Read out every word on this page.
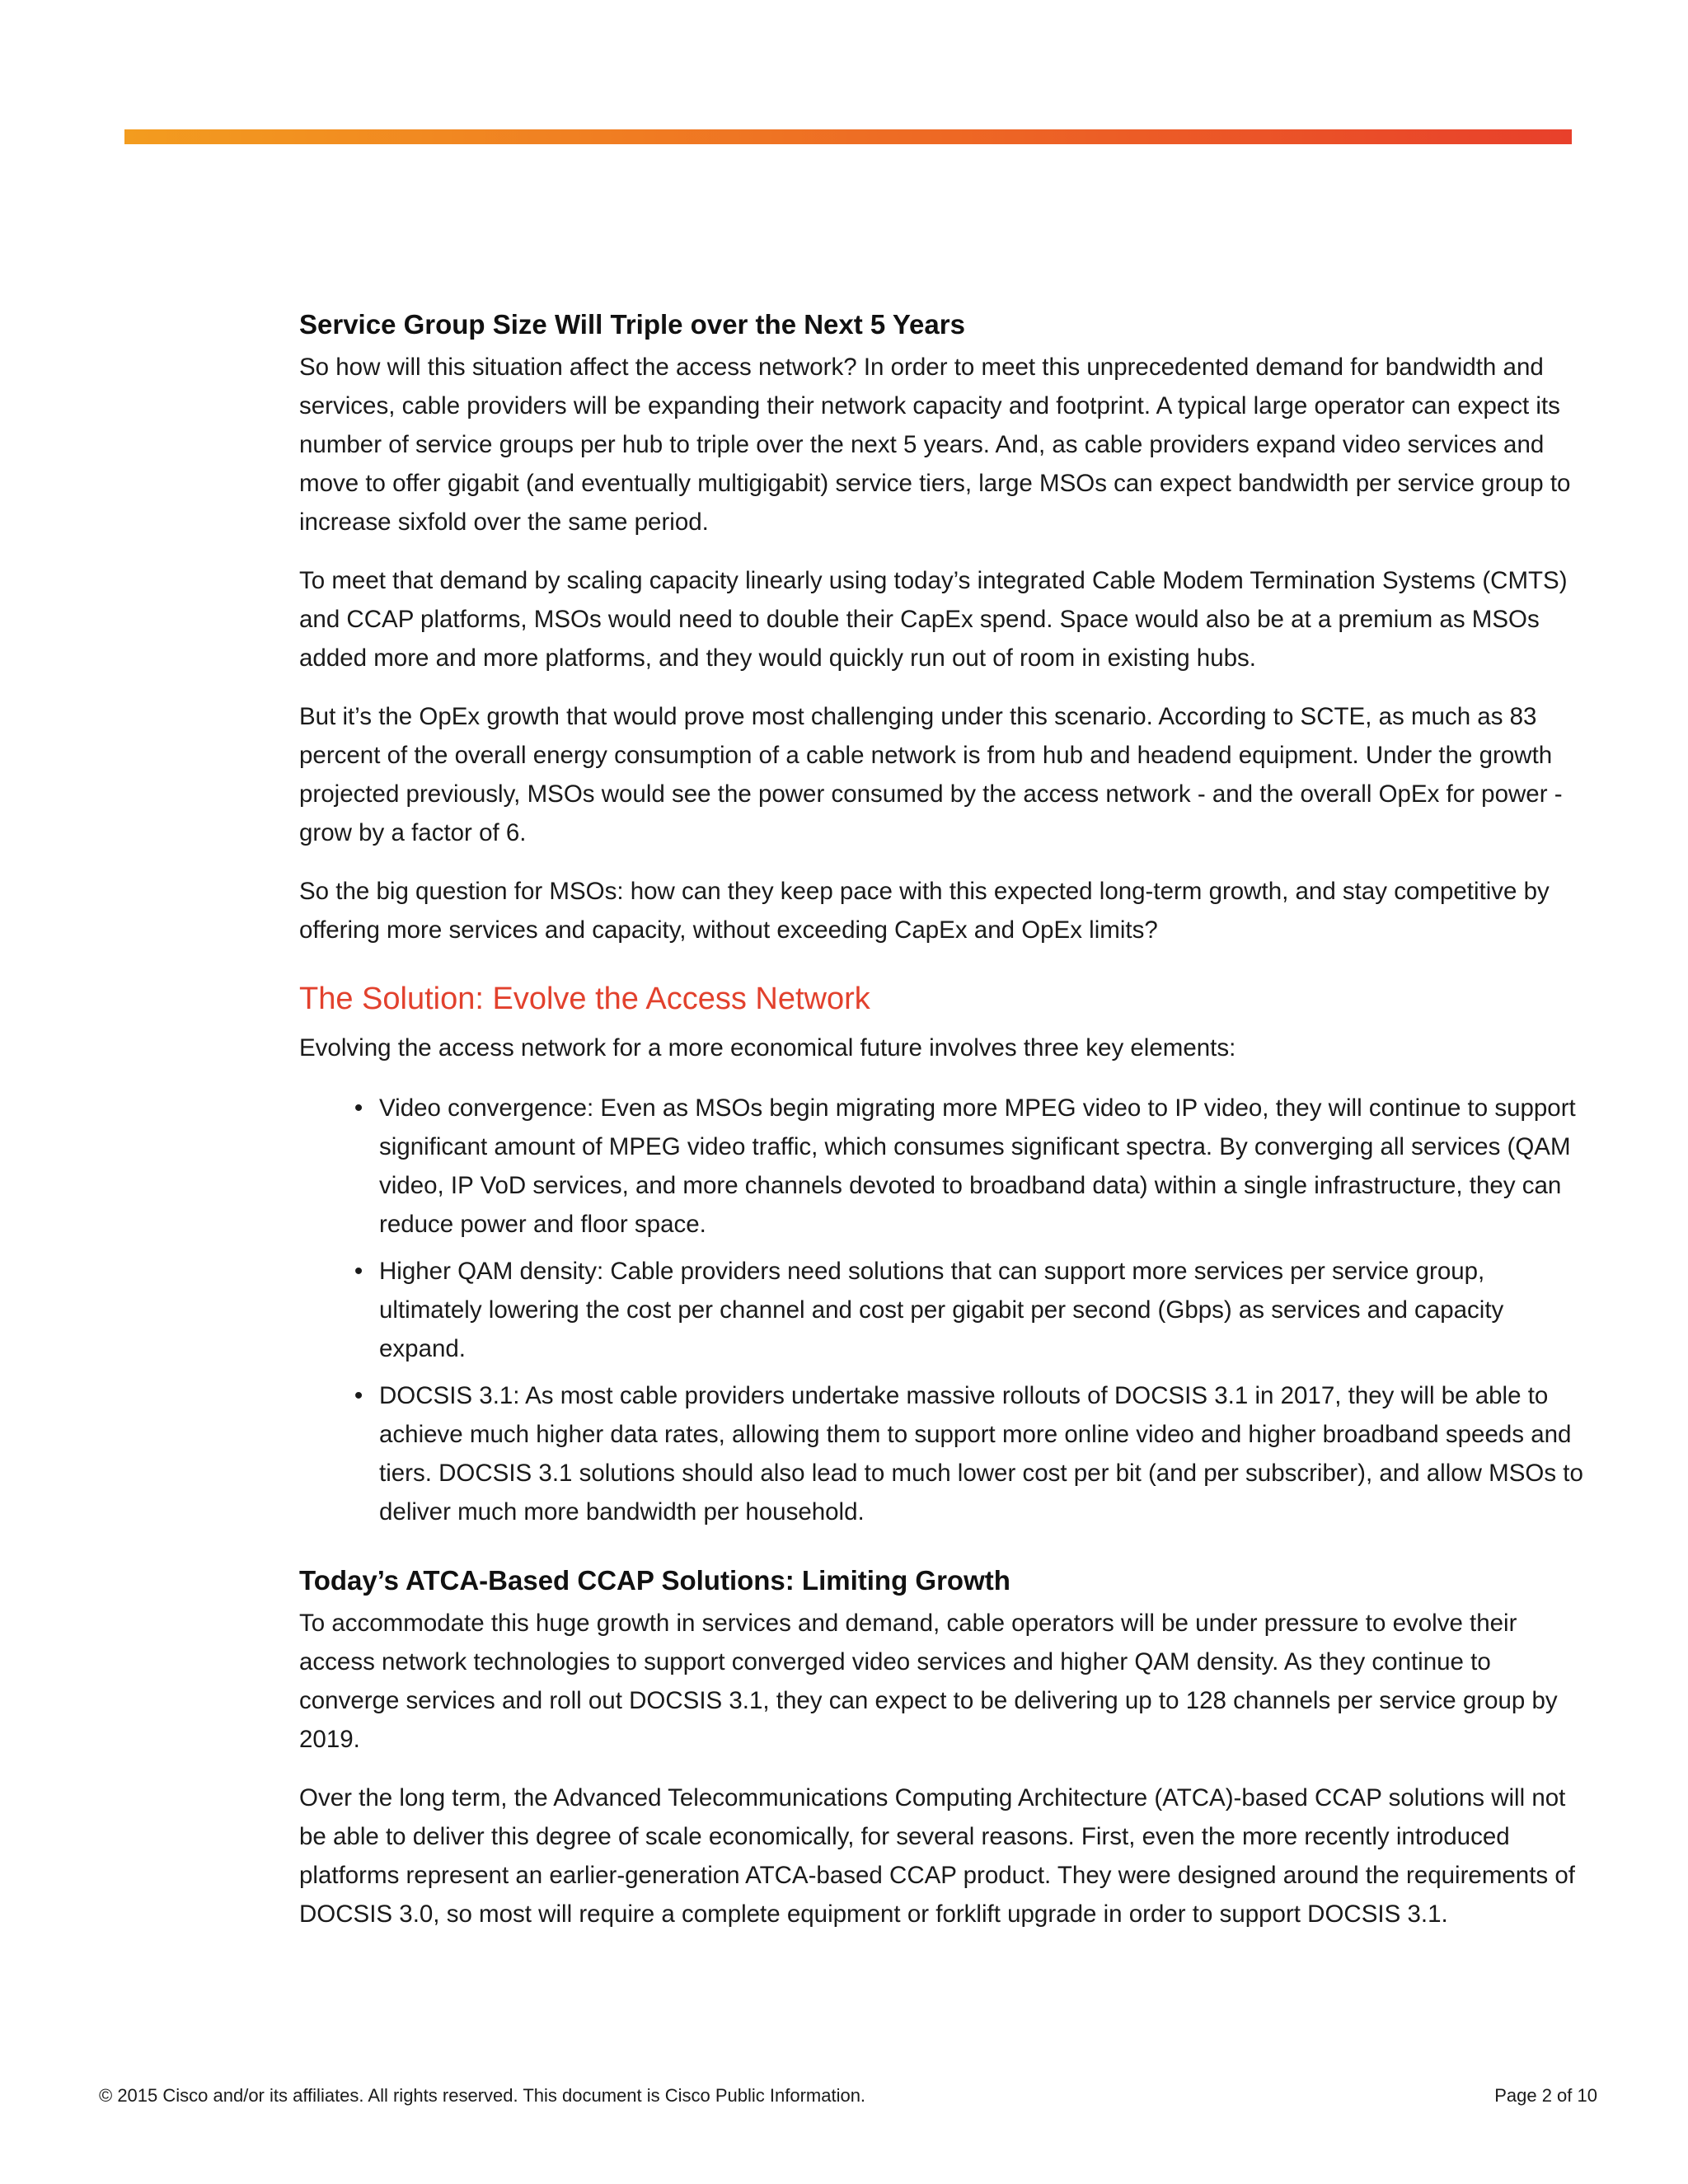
Service Group Size Will Triple over the Next 5 Years

So how will this situation affect the access network? In order to meet this unprecedented demand for bandwidth and services, cable providers will be expanding their network capacity and footprint. A typical large operator can expect its number of service groups per hub to triple over the next 5 years. And, as cable providers expand video services and move to offer gigabit (and eventually multigigabit) service tiers, large MSOs can expect bandwidth per service group to increase sixfold over the same period.

To meet that demand by scaling capacity linearly using today’s integrated Cable Modem Termination Systems (CMTS) and CCAP platforms, MSOs would need to double their CapEx spend. Space would also be at a premium as MSOs added more and more platforms, and they would quickly run out of room in existing hubs.

But it’s the OpEx growth that would prove most challenging under this scenario. According to SCTE, as much as 83 percent of the overall energy consumption of a cable network is from hub and headend equipment. Under the growth projected previously, MSOs would see the power consumed by the access network - and the overall OpEx for power - grow by a factor of 6.

So the big question for MSOs: how can they keep pace with this expected long-term growth, and stay competitive by offering more services and capacity, without exceeding CapEx and OpEx limits?

The Solution: Evolve the Access Network

Evolving the access network for a more economical future involves three key elements:

• Video convergence: Even as MSOs begin migrating more MPEG video to IP video, they will continue to support significant amount of MPEG video traffic, which consumes significant spectra. By converging all services (QAM video, IP VoD services, and more channels devoted to broadband data) within a single infrastructure, they can reduce power and floor space.
• Higher QAM density: Cable providers need solutions that can support more services per service group, ultimately lowering the cost per channel and cost per gigabit per second (Gbps) as services and capacity expand.
• DOCSIS 3.1: As most cable providers undertake massive rollouts of DOCSIS 3.1 in 2017, they will be able to achieve much higher data rates, allowing them to support more online video and higher broadband speeds and tiers. DOCSIS 3.1 solutions should also lead to much lower cost per bit (and per subscriber), and allow MSOs to deliver much more bandwidth per household.
Today’s ATCA-Based CCAP Solutions: Limiting Growth

To accommodate this huge growth in services and demand, cable operators will be under pressure to evolve their access network technologies to support converged video services and higher QAM density. As they continue to converge services and roll out DOCSIS 3.1, they can expect to be delivering up to 128 channels per service group by 2019.

Over the long term, the Advanced Telecommunications Computing Architecture (ATCA)-based CCAP solutions will not be able to deliver this degree of scale economically, for several reasons. First, even the more recently introduced platforms represent an earlier-generation ATCA-based CCAP product. They were designed around the requirements of DOCSIS 3.0, so most will require a complete equipment or forklift upgrade in order to support DOCSIS 3.1.

© 2015 Cisco and/or its affiliates. All rights reserved. This document is Cisco Public Information.	Page 2 of 10
